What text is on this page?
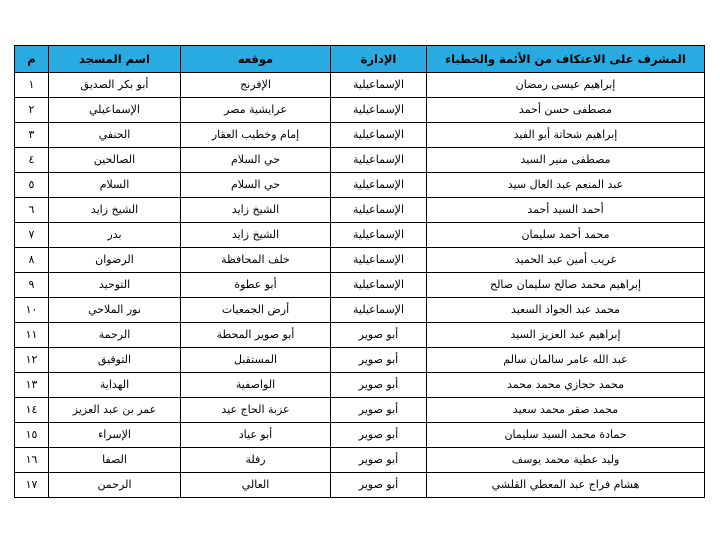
المشرف على الاعتكاف من الأئمة والخطباء	الإدارة	موقعه	اسم المسجد	م
إبراهيم عيسى رمضان	الإسماعيلية	الإفرنج	أبو بكر الصديق	١
مصطفى حسن أحمد	الإسماعيلية	عرايشية مصر	الإسماعيلي	٢
إبراهيم شحاتة أبو الفيد	الإسماعيلية	إمام وخطيب العقار	الحنفي	٣
مصطفى منير السيد	الإسماعيلية	حي السلام	الصالحين	٤
عبد المنعم عبد العال سيد	الإسماعيلية	حي السلام	السلام	٥
أحمد السيد أحمد	الإسماعيلية	الشيخ زايد	الشيخ زايد	٦
محمد أحمد سليمان	الإسماعيلية	الشيخ زايد	بدر	٧
غريب أمين عبد الحميد	الإسماعيلية	خلف المحافظة	الرضوان	٨
إبراهيم محمد صالح سليمان صالح	الإسماعيلية	أبو عطوة	التوحيد	٩
محمد عبد الجواد السعيد	الإسماعيلية	أرض الجمعيات	نور الملاحي	١٠
إبراهيم عبد العزيز السيد	أبو صوير	أبو صوير المحطة	الرحمة	١١
عبد الله عامر سالمان سالم	أبو صوير	المستقبل	التوفيق	١٢
محمد حجازي محمد محمد	أبو صوير	الواصفية	الهداية	١٣
محمد صقر محمد سعيد	أبو صوير	عزبة الحاج عيد	عمر بن عبد العزيز	١٤
حمادة محمد السيد سليمان	أبو صوير	أبو عياد	الإسراء	١٥
وليد عطية محمد يوسف	أبو صوير	رفلة	الصفا	١٦
هشام فراج عبد المعطي القلشي	أبو صوير	العالي	الرحمن	١٧
